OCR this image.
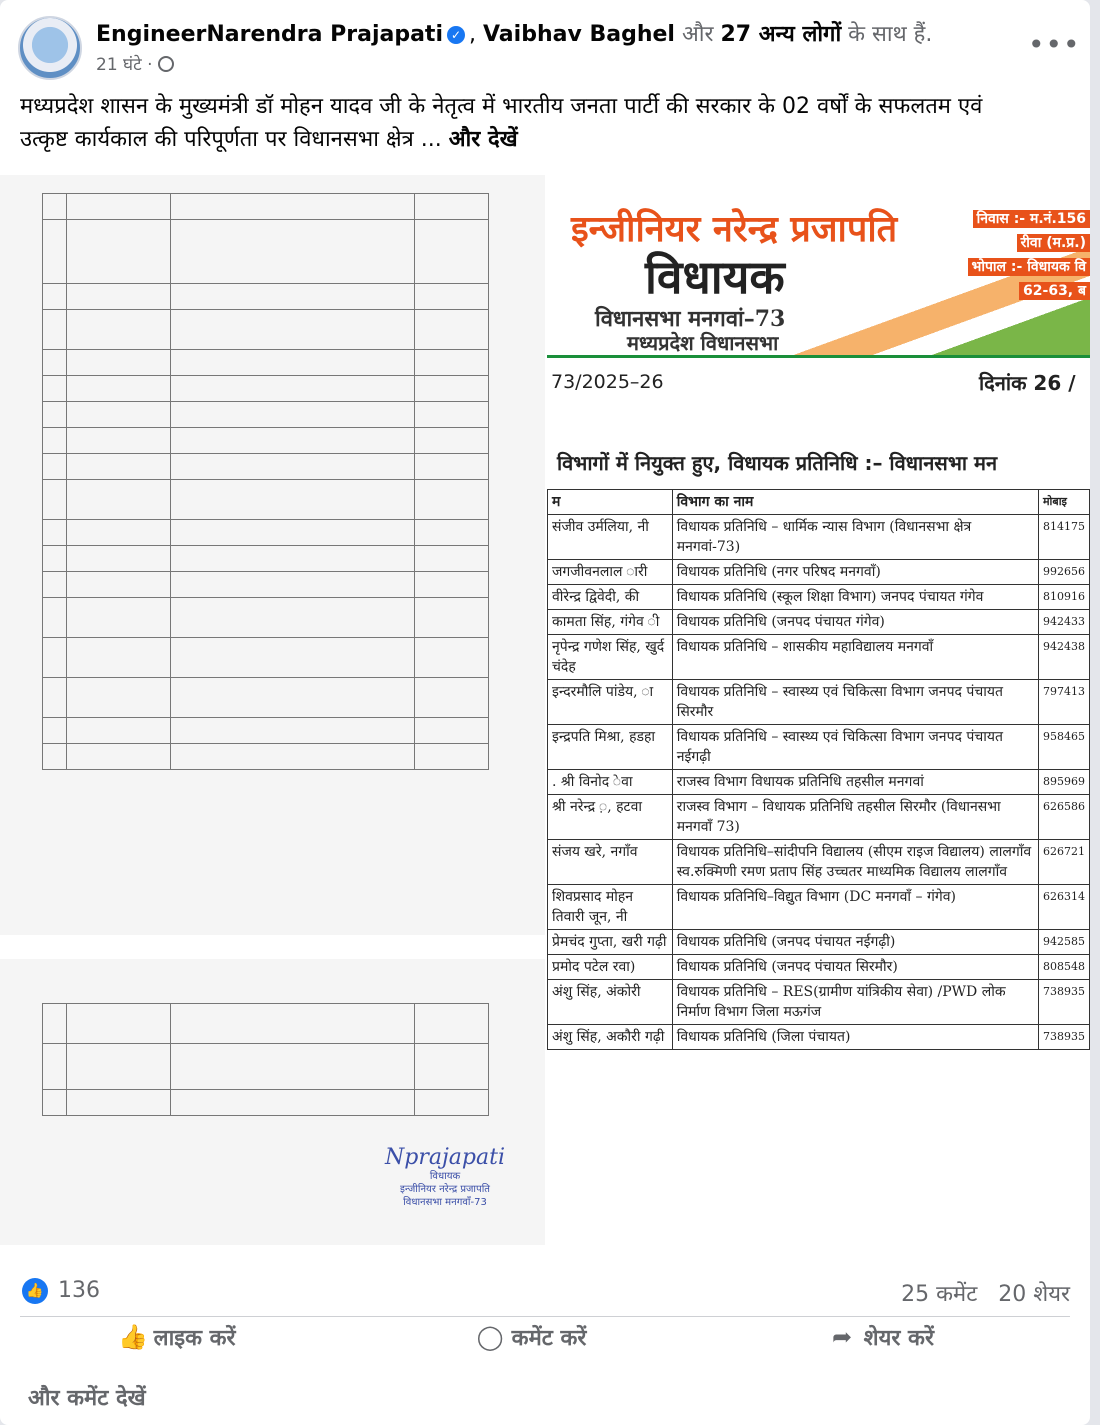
EngineerNarendra Prajapati ✓ , Vaibhav Baghel और 27 अन्य लोगों के साथ हैं.
21 घंटे ·
•••
मध्यप्रदेश शासन के मुख्यमंत्री डॉ मोहन यादव जी के नेतृत्व में भारतीय जनता पार्टी की सरकार के 02 वर्षों के सफलतम एवं उत्कृष्ट कार्यकाल की परिपूर्णता पर विधानसभा क्षेत्र ... और देखें

Nprajapati
विधायक
इन्जीनियर नरेन्द्र प्रजापति
विधानसभा मनगवाँ-73
इन्जीनियर नरेन्द्र प्रजापति
विधायक
विधानसभा मनगवां–73
मध्यप्रदेश विधानसभा
निवास :- म.नं.156
रीवा (म.प्र.)
भोपाल :- विधायक वि
62-63, ब
73/2025–26	दिनांक 26 /
विभागों में नियुक्त हुए, विधायक प्रतिनिधि :– विधानसभा मन
म	विभाग का नाम	मोबाइ
संजीव उर्मलिया, नी	विधायक प्रतिनिधि – धार्मिक न्यास विभाग (विधानसभा क्षेत्र मनगवां-73)	814175
जगजीवनलाल ारी	विधायक प्रतिनिधि (नगर परिषद मनगवाँ)	992656
वीरेन्द्र द्विवेदी, की	विधायक प्रतिनिधि (स्कूल शिक्षा विभाग) जनपद पंचायत गंगेव	810916
कामता सिंह, गंगेव ी	विधायक प्रतिनिधि (जनपद पंचायत गंगेव)	942433
नृपेन्द्र गणेश सिंह, खुर्द चंदेह	विधायक प्रतिनिधि – शासकीय महाविद्यालय मनगवाँ	942438
इन्दरमौलि पांडेय, ा	विधायक प्रतिनिधि – स्वास्थ्य एवं चिकित्सा विभाग जनपद पंचायत सिरमौर	797413
इन्द्रपति मिश्रा, हडहा	विधायक प्रतिनिधि – स्वास्थ्य एवं चिकित्सा विभाग जनपद पंचायत नईगढ़ी	958465
. श्री विनोद ेवा	राजस्व विभाग विधायक प्रतिनिधि तहसील मनगवां	895969
श्री नरेन्द्र ़, हटवा	राजस्व विभाग – विधायक प्रतिनिधि तहसील सिरमौर (विधानसभा मनगवाँ 73)	626586
संजय खरे, नगाँव	विधायक प्रतिनिधि–सांदीपनि विद्यालय (सीएम राइज विद्यालय) लालगाँव स्व.रुक्मिणी रमण प्रताप सिंह उच्चतर माध्यमिक विद्यालय लालगाँव	626721
शिवप्रसाद मोहन तिवारी जून, नी	विधायक प्रतिनिधि–विद्युत विभाग (DC मनगवाँ – गंगेव)	626314
प्रेमचंद गुप्ता, खरी गढ़ी	विधायक प्रतिनिधि (जनपद पंचायत नईगढ़ी)	942585
प्रमोद पटेल रवा)	विधायक प्रतिनिधि (जनपद पंचायत सिरमौर)	808548
अंशु सिंह, अंकोरी	विधायक प्रतिनिधि – RES(ग्रामीण यांत्रिकीय सेवा) /PWD लोक निर्माण विभाग जिला मऊगंज	738935
अंशु सिंह, अकौरी गढ़ी	विधायक प्रतिनिधि (जिला पंचायत)	738935
👍 136	25 कमेंट 20 शेयर
👍 लाइक करें	◯ कमेंट करें	➦ शेयर करें
और कमेंट देखें
